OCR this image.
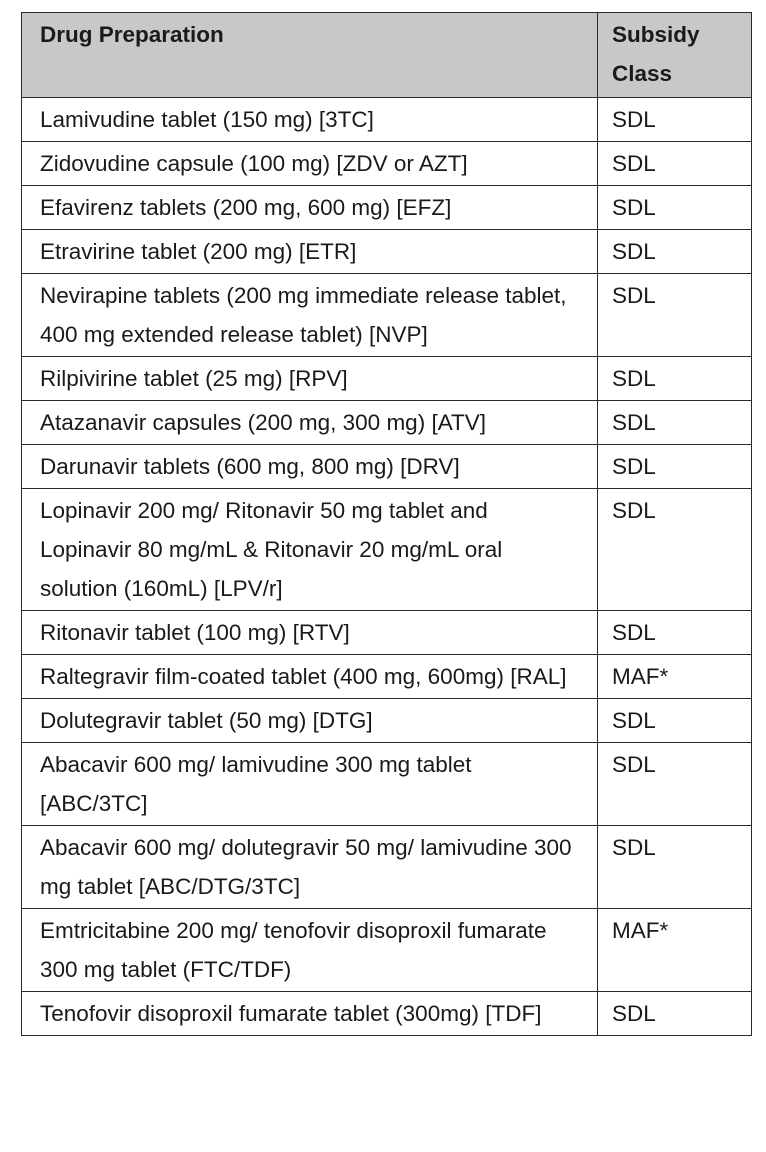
Drug Preparation	Subsidy Class
Lamivudine tablet (150 mg) [3TC]	SDL
Zidovudine capsule (100 mg) [ZDV or AZT]	SDL
Efavirenz tablets (200 mg, 600 mg) [EFZ]	SDL
Etravirine tablet (200 mg) [ETR]	SDL
Nevirapine tablets (200 mg immediate release tablet, 400 mg extended release tablet) [NVP]	SDL
Rilpivirine tablet (25 mg) [RPV]	SDL
Atazanavir capsules (200 mg, 300 mg) [ATV]	SDL
Darunavir tablets (600 mg, 800 mg) [DRV]	SDL
Lopinavir 200 mg/ Ritonavir 50 mg tablet and Lopinavir 80 mg/mL & Ritonavir 20 mg/mL oral solution (160mL) [LPV/r]	SDL
Ritonavir tablet (100 mg) [RTV]	SDL
Raltegravir film-coated tablet (400 mg, 600mg) [RAL]	MAF*
Dolutegravir tablet (50 mg) [DTG]	SDL
Abacavir 600 mg/ lamivudine 300 mg tablet [ABC/3TC]	SDL
Abacavir 600 mg/ dolutegravir 50 mg/ lamivudine 300 mg tablet [ABC/DTG/3TC]	SDL
Emtricitabine 200 mg/ tenofovir disoproxil fumarate 300 mg tablet (FTC/TDF)	MAF*
Tenofovir disoproxil fumarate tablet (300mg) [TDF]	SDL
